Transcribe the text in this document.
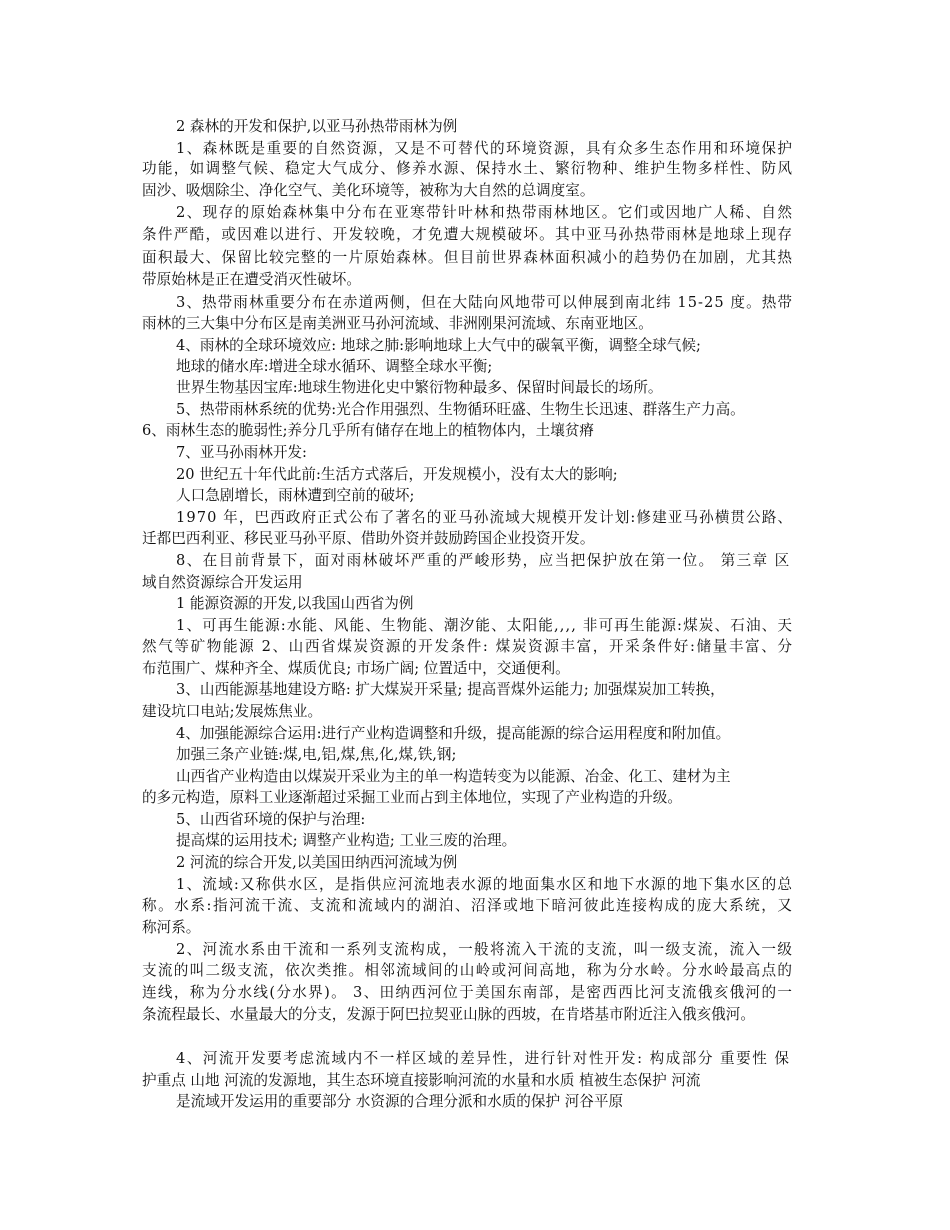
2 森林的开发和保护,以亚马孙热带雨林为例
1、森林既是重要的自然资源，又是不可替代的环境资源，具有众多生态作用和环境保护
功能，如调整气候、稳定大气成分、修养水源、保持水土、繁衍物种、维护生物多样性、防风
固沙、吸烟除尘、净化空气、美化环境等，被称为大自然的总调度室。
2、现存的原始森林集中分布在亚寒带针叶林和热带雨林地区。它们或因地广人稀、自然
条件严酷，或因难以进行、开发较晚，才免遭大规模破坏。其中亚马孙热带雨林是地球上现存
面积最大、保留比较完整的一片原始森林。但目前世界森林面积减小的趋势仍在加剧，尤其热
带原始林是正在遭受消灭性破坏。
3、热带雨林重要分布在赤道两侧，但在大陆向风地带可以伸展到南北纬 15-25 度。热带
雨林的三大集中分布区是南美洲亚马孙河流域、非洲刚果河流域、东南亚地区。
4、雨林的全球环境效应: 地球之肺:影响地球上大气中的碳氧平衡，调整全球气候;
地球的储水库:增进全球水循环、调整全球水平衡;
世界生物基因宝库:地球生物进化史中繁衍物种最多、保留时间最长的场所。
5、热带雨林系统的优势:光合作用强烈、生物循环旺盛、生物生长迅速、群落生产力高。
6、雨林生态的脆弱性;养分几乎所有储存在地上的植物体内，土壤贫瘠
7、亚马孙雨林开发:
20 世纪五十年代此前:生活方式落后，开发规模小，没有太大的影响;
人口急剧增长，雨林遭到空前的破坏;
1970 年，巴西政府正式公布了著名的亚马孙流域大规模开发计划:修建亚马孙横贯公路、
迁都巴西利亚、移民亚马孙平原、借助外资并鼓励跨国企业投资开发。
8、在目前背景下，面对雨林破坏严重的严峻形势，应当把保护放在第一位。 第三章 区
域自然资源综合开发运用
1 能源资源的开发,以我国山西省为例
1、可再生能源:水能、风能、生物能、潮汐能、太阳能,,,, 非可再生能源:煤炭、石油、天
然气等矿物能源 2、山西省煤炭资源的开发条件: 煤炭资源丰富，开采条件好:储量丰富、分
布范围广、煤种齐全、煤质优良; 市场广阔; 位置适中，交通便利。
3、山西能源基地建设方略: 扩大煤炭开采量; 提高晋煤外运能力; 加强煤炭加工转换，
建设坑口电站;发展炼焦业。
4、加强能源综合运用:进行产业构造调整和升级，提高能源的综合运用程度和附加值。
加强三条产业链:煤,电,铝,煤,焦,化,煤,铁,钢;
山西省产业构造由以煤炭开采业为主的单一构造转变为以能源、冶金、化工、建材为主
的多元构造，原料工业逐渐超过采掘工业而占到主体地位，实现了产业构造的升级。
5、山西省环境的保护与治理:
提高煤的运用技术; 调整产业构造; 工业三废的治理。
2 河流的综合开发,以美国田纳西河流域为例
1、流域:又称供水区，是指供应河流地表水源的地面集水区和地下水源的地下集水区的总
称。水系:指河流干流、支流和流域内的湖泊、沼泽或地下暗河彼此连接构成的庞大系统，又
称河系。
2、河流水系由干流和一系列支流构成，一般将流入干流的支流，叫一级支流，流入一级
支流的叫二级支流，依次类推。相邻流域间的山岭或河间高地，称为分水岭。分水岭最高点的
连线，称为分水线(分水界)。 3、田纳西河位于美国东南部，是密西西比河支流俄亥俄河的一
条流程最长、水量最大的分支，发源于阿巴拉契亚山脉的西坡，在肯塔基市附近注入俄亥俄河。
4、河流开发要考虑流域内不一样区域的差异性，进行针对性开发: 构成部分 重要性 保
护重点 山地 河流的发源地，其生态环境直接影响河流的水量和水质 植被生态保护 河流
是流域开发运用的重要部分 水资源的合理分派和水质的保护 河谷平原
